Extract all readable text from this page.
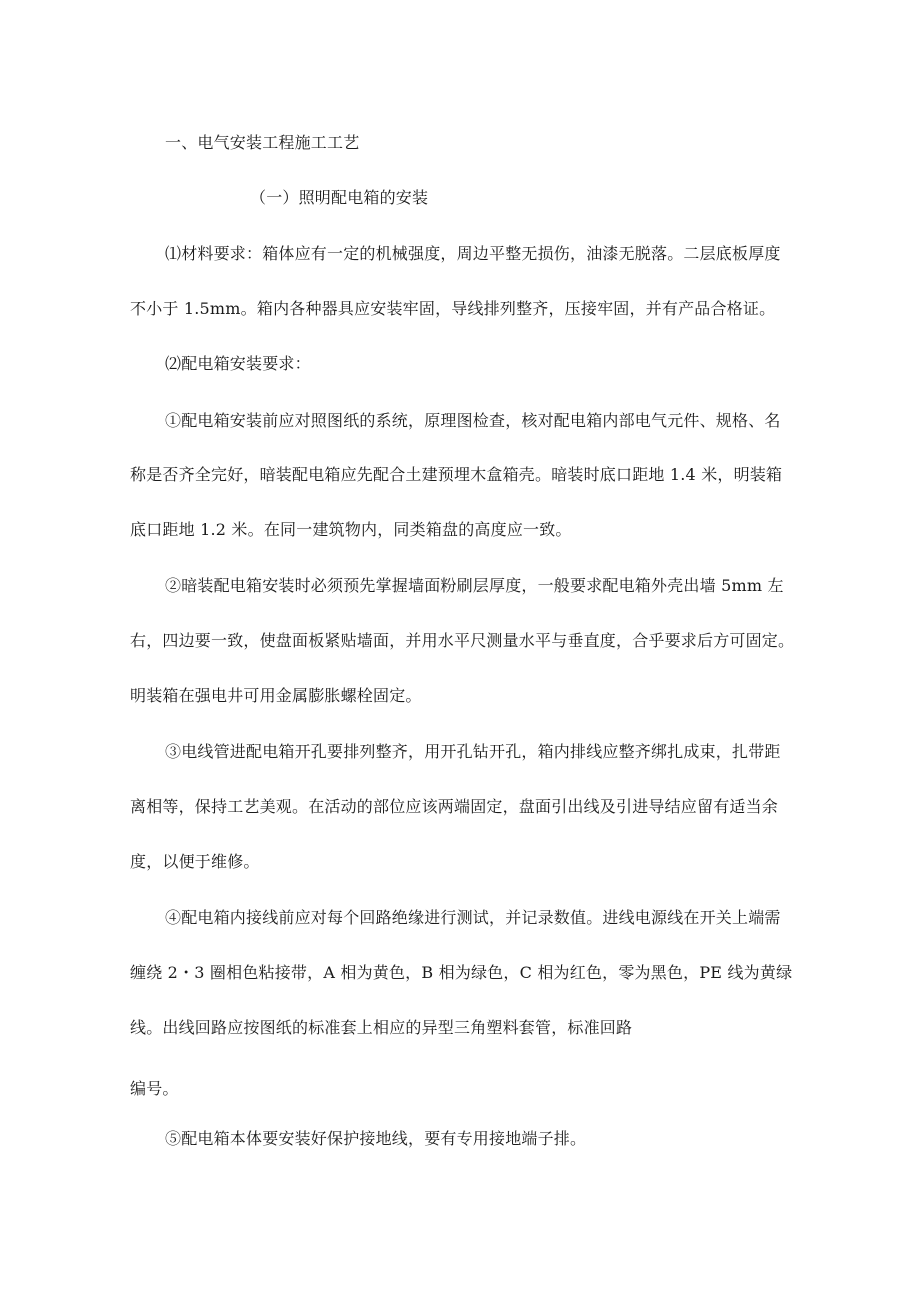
一、电气安装工程施工工艺
（一）照明配电箱的安装
⑴材料要求：箱体应有一定的机械强度，周边平整无损伤，油漆无脱落。二层底板厚度
不小于 1.5mm。箱内各种器具应安装牢固，导线排列整齐，压接牢固，并有产品合格证。
⑵配电箱安装要求：
①配电箱安装前应对照图纸的系统，原理图检查，核对配电箱内部电气元件、规格、名
称是否齐全完好，暗装配电箱应先配合土建预埋木盒箱壳。暗装时底口距地 1.4 米，明装箱
底口距地 1.2 米。在同一建筑物内，同类箱盘的高度应一致。
②暗装配电箱安装时必须预先掌握墙面粉刷层厚度，一般要求配电箱外壳出墙 5mm 左
右，四边要一致，使盘面板紧贴墙面，并用水平尺测量水平与垂直度，合乎要求后方可固定。
明装箱在强电井可用金属膨胀螺栓固定。
③电线管进配电箱开孔要排列整齐，用开孔钻开孔，箱内排线应整齐绑扎成束，扎带距
离相等，保持工艺美观。在活动的部位应该两端固定，盘面引出线及引进导结应留有适当余
度，以便于维修。
④配电箱内接线前应对每个回路绝缘进行测试，并记录数值。进线电源线在开关上端需
缠绕 2・3 圈相色粘接带，A 相为黄色，B 相为绿色，C 相为红色，零为黑色，PE 线为黄绿
线。出线回路应按图纸的标准套上相应的异型三角塑料套管，标准回路
编号。
⑤配电箱本体要安装好保护接地线，要有专用接地端子排。
